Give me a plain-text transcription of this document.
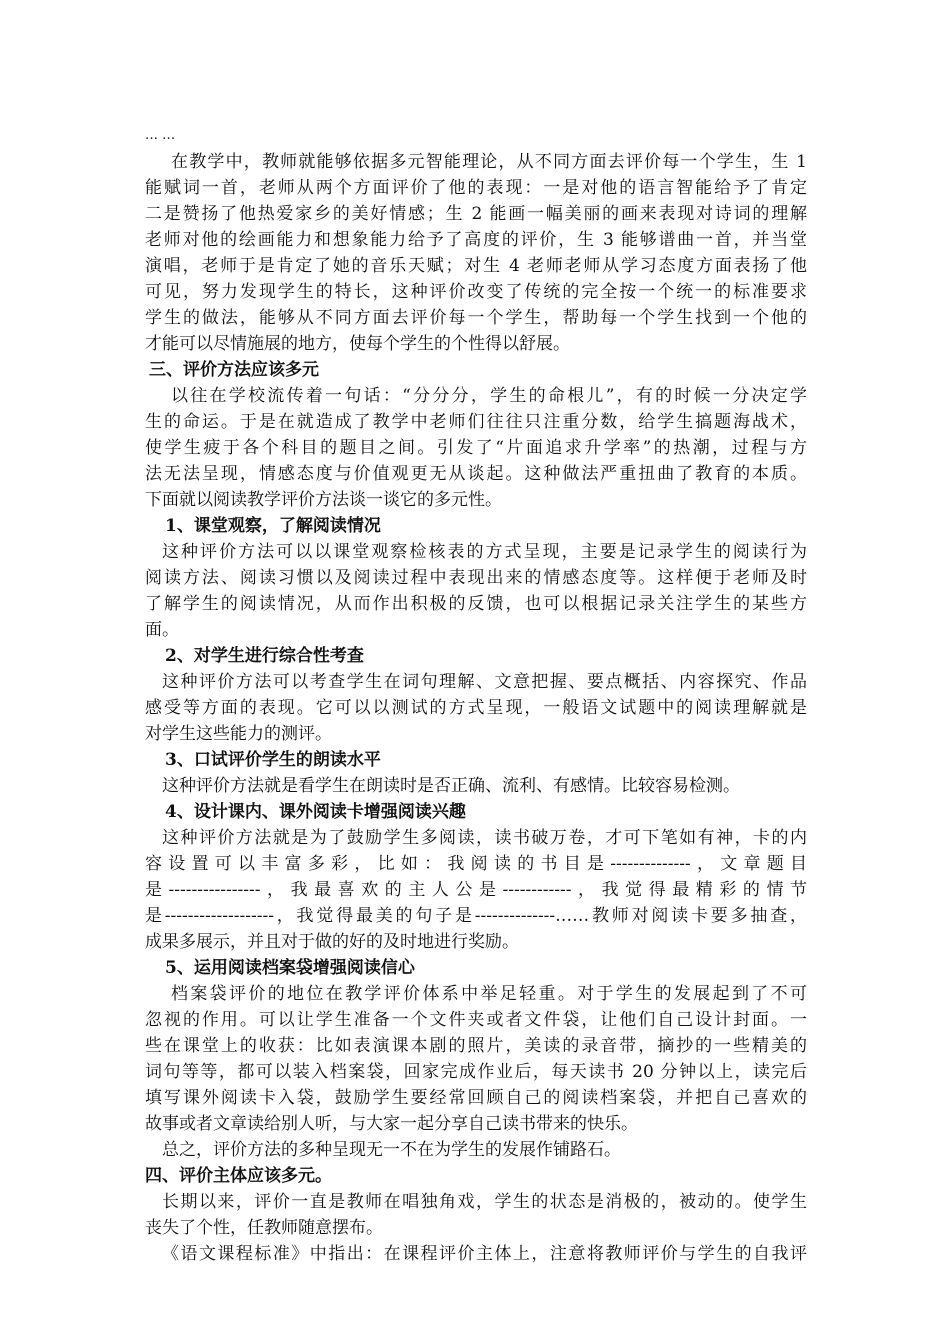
… …
在教学中，教师就能够依据多元智能理论，从不同方面去评价每一个学生，生 1
能赋词一首，老师从两个方面评价了他的表现：一是对他的语言智能给予了肯定
二是赞扬了他热爱家乡的美好情感；生 2 能画一幅美丽的画来表现对诗词的理解
老师对他的绘画能力和想象能力给予了高度的评价，生 3 能够谱曲一首，并当堂
演唱，老师于是肯定了她的音乐天赋；对生 4 老师老师从学习态度方面表扬了他
可见，努力发现学生的特长，这种评价改变了传统的完全按一个统一的标准要求
学生的做法，能够从不同方面去评价每一个学生，帮助每一个学生找到一个他的
才能可以尽情施展的地方，使每个学生的个性得以舒展。
三、评价方法应该多元
以往在学校流传着一句话：“分分分，学生的命根儿”，有的时候一分决定学
生的命运。于是在就造成了教学中老师们往往只注重分数，给学生搞题海战术，
使学生疲于各个科目的题目之间。引发了“片面追求升学率”的热潮，过程与方
法无法呈现，情感态度与价值观更无从谈起。这种做法严重扭曲了教育的本质。
下面就以阅读教学评价方法谈一谈它的多元性。
1、课堂观察，了解阅读情况
这种评价方法可以以课堂观察检核表的方式呈现，主要是记录学生的阅读行为
阅读方法、阅读习惯以及阅读过程中表现出来的情感态度等。这样便于老师及时
了解学生的阅读情况，从而作出积极的反馈，也可以根据记录关注学生的某些方
面。
2、对学生进行综合性考查
这种评价方法可以考查学生在词句理解、文意把握、要点概括、内容探究、作品
感受等方面的表现。它可以以测试的方式呈现，一般语文试题中的阅读理解就是
对学生这些能力的测评。
3、口试评价学生的朗读水平
这种评价方法就是看学生在朗读时是否正确、流利、有感情。比较容易检测。
4、设计课内、课外阅读卡增强阅读兴趣
这种评价方法就是为了鼓励学生多阅读，读书破万卷，才可下笔如有神，卡的内
容设置可以丰富多彩，比如：我阅读的书目是--------------，文章题目
是----------------，我最喜欢的主人公是------------，我觉得最精彩的情节
是-------------------，我觉得最美的句子是--------------……教师对阅读卡要多抽查，
成果多展示，并且对于做的好的及时地进行奖励。
5、运用阅读档案袋增强阅读信心
档案袋评价的地位在教学评价体系中举足轻重。对于学生的发展起到了不可
忽视的作用。可以让学生准备一个文件夹或者文件袋，让他们自己设计封面。一
些在课堂上的收获：比如表演课本剧的照片，美读的录音带，摘抄的一些精美的
词句等等，都可以装入档案袋，回家完成作业后，每天读书 20 分钟以上，读完后
填写课外阅读卡入袋，鼓励学生要经常回顾自己的阅读档案袋，并把自己喜欢的
故事或者文章读给别人听，与大家一起分享自己读书带来的快乐。
总之，评价方法的多种呈现无一不在为学生的发展作铺路石。
四、评价主体应该多元。
长期以来，评价一直是教师在唱独角戏，学生的状态是消极的，被动的。使学生
丧失了个性，任教师随意摆布。
《语文课程标准》中指出：在课程评价主体上，注意将教师评价与学生的自我评
